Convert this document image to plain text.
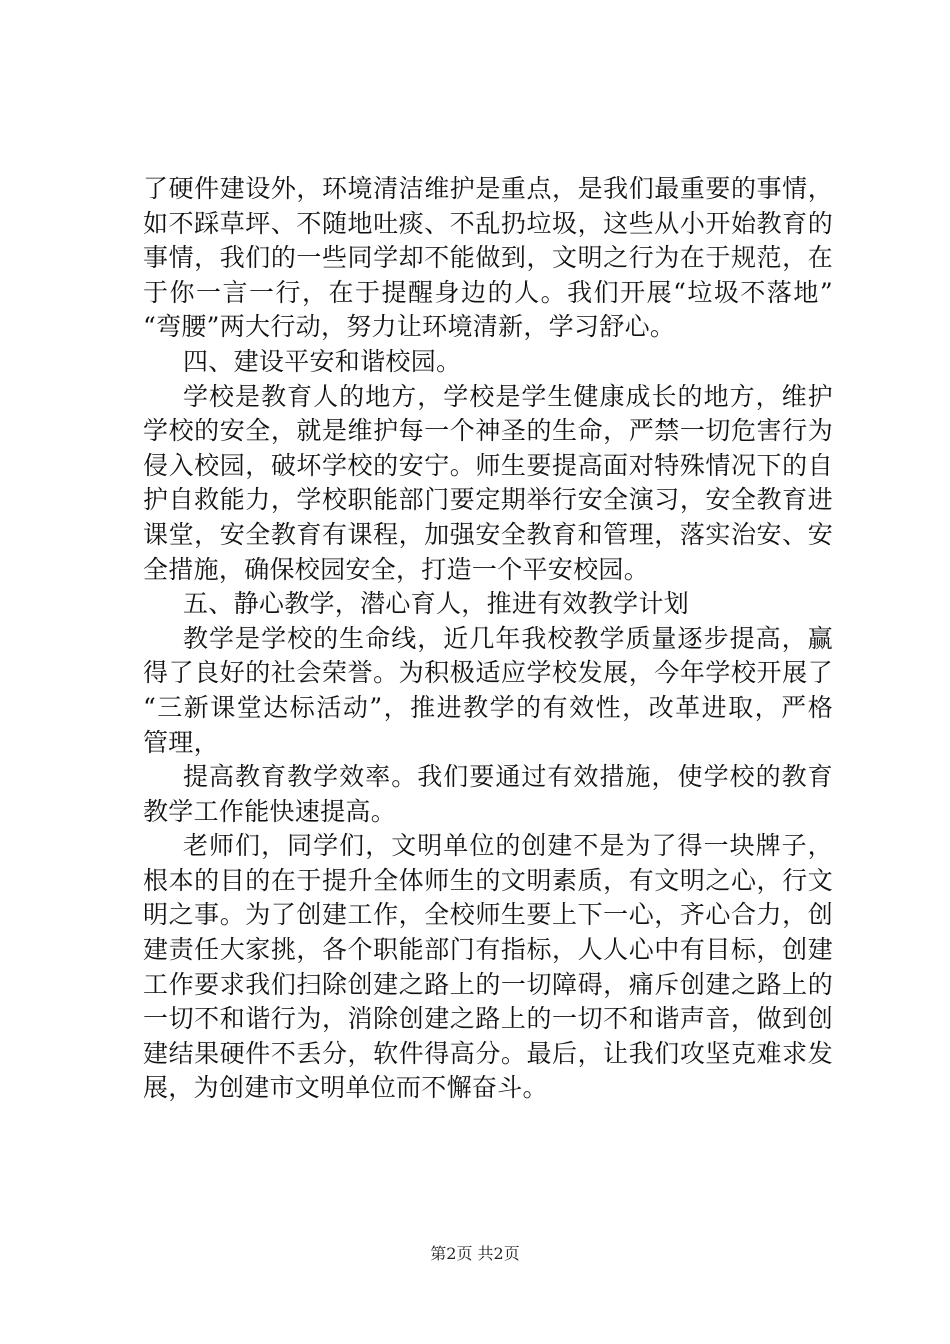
了硬件建设外，环境清洁维护是重点，是我们最重要的事情，
如不踩草坪、不随地吐痰、不乱扔垃圾，这些从小开始教育的
事情，我们的一些同学却不能做到，文明之行为在于规范，在
于你一言一行，在于提醒身边的人。我们开展“垃圾不落地”
“弯腰”两大行动，努力让环境清新，学习舒心。
四、建设平安和谐校园。
学校是教育人的地方，学校是学生健康成长的地方，维护
学校的安全，就是维护每一个神圣的生命，严禁一切危害行为
侵入校园，破坏学校的安宁。师生要提高面对特殊情况下的自
护自救能力，学校职能部门要定期举行安全演习，安全教育进
课堂，安全教育有课程，加强安全教育和管理，落实治安、安
全措施，确保校园安全，打造一个平安校园。
五、静心教学，潜心育人，推进有效教学计划
教学是学校的生命线，近几年我校教学质量逐步提高，赢
得了良好的社会荣誉。为积极适应学校发展，今年学校开展了
“三新课堂达标活动”，推进教学的有效性，改革进取，严格
管理，
提高教育教学效率。我们要通过有效措施，使学校的教育
教学工作能快速提高。
老师们，同学们，文明单位的创建不是为了得一块牌子，
根本的目的在于提升全体师生的文明素质，有文明之心，行文
明之事。为了创建工作，全校师生要上下一心，齐心合力，创
建责任大家挑，各个职能部门有指标，人人心中有目标，创建
工作要求我们扫除创建之路上的一切障碍，痛斥创建之路上的
一切不和谐行为，消除创建之路上的一切不和谐声音，做到创
建结果硬件不丢分，软件得高分。最后，让我们攻坚克难求发
展，为创建市文明单位而不懈奋斗。
第2页 共2页
